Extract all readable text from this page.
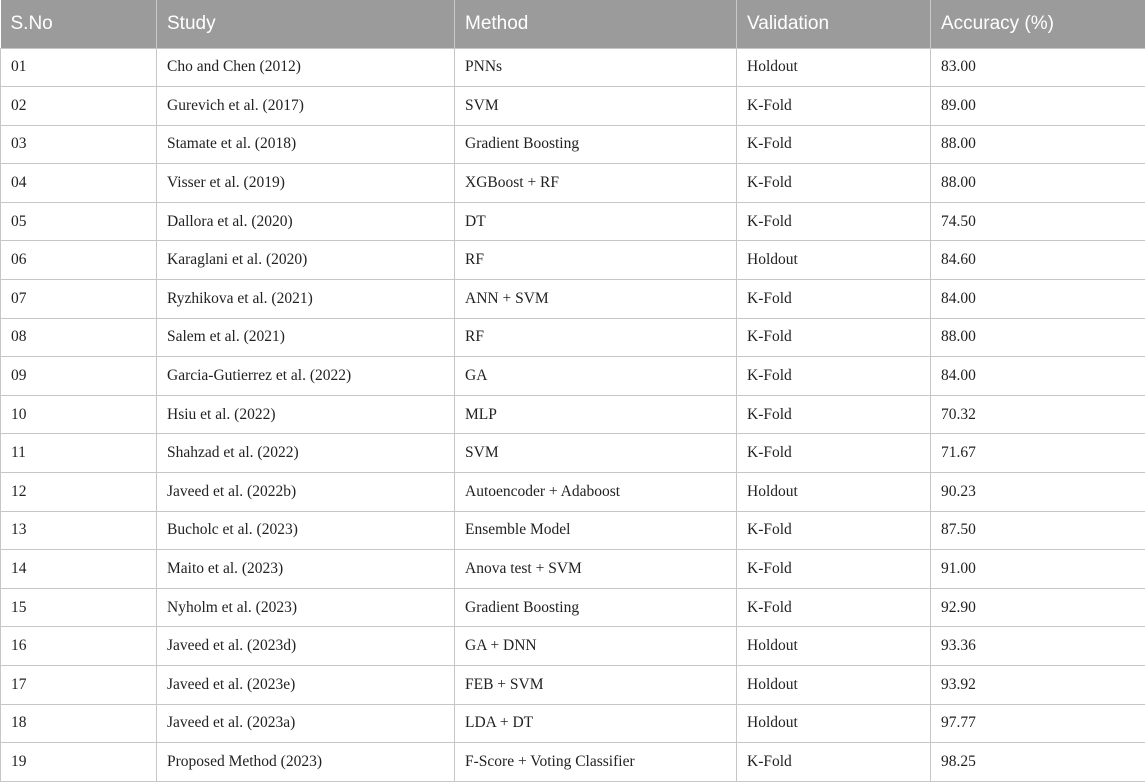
S.No	Study	Method	Validation	Accuracy (%)
01	Cho and Chen (2012)	PNNs	Holdout	83.00
02	Gurevich et al. (2017)	SVM	K-Fold	89.00
03	Stamate et al. (2018)	Gradient Boosting	K-Fold	88.00
04	Visser et al. (2019)	XGBoost + RF	K-Fold	88.00
05	Dallora et al. (2020)	DT	K-Fold	74.50
06	Karaglani et al. (2020)	RF	Holdout	84.60
07	Ryzhikova et al. (2021)	ANN + SVM	K-Fold	84.00
08	Salem et al. (2021)	RF	K-Fold	88.00
09	Garcia-Gutierrez et al. (2022)	GA	K-Fold	84.00
10	Hsiu et al. (2022)	MLP	K-Fold	70.32
11	Shahzad et al. (2022)	SVM	K-Fold	71.67
12	Javeed et al. (2022b)	Autoencoder + Adaboost	Holdout	90.23
13	Bucholc et al. (2023)	Ensemble Model	K-Fold	87.50
14	Maito et al. (2023)	Anova test + SVM	K-Fold	91.00
15	Nyholm et al. (2023)	Gradient Boosting	K-Fold	92.90
16	Javeed et al. (2023d)	GA + DNN	Holdout	93.36
17	Javeed et al. (2023e)	FEB + SVM	Holdout	93.92
18	Javeed et al. (2023a)	LDA + DT	Holdout	97.77
19	Proposed Method (2023)	F-Score + Voting Classifier	K-Fold	98.25
